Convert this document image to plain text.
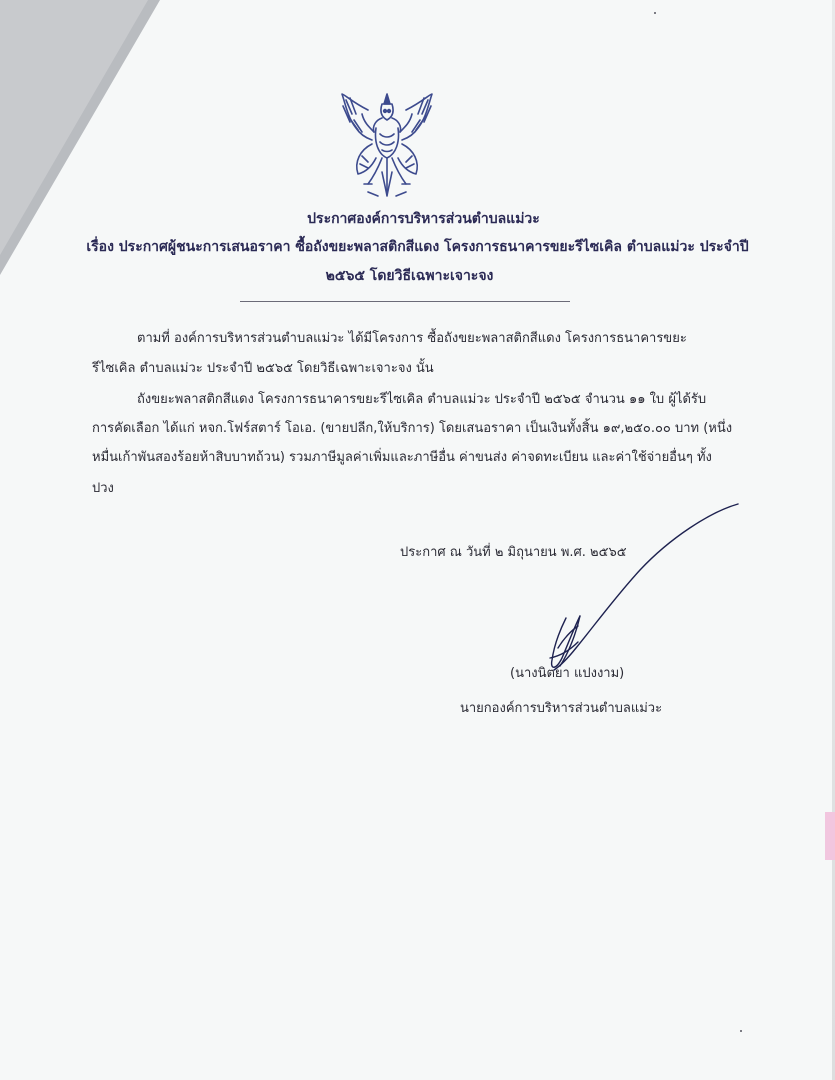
ประกาศองค์การบริหารส่วนตำบลแม่วะ
เรื่อง ประกาศผู้ชนะการเสนอราคา ซื้อถังขยะพลาสติกสีแดง โครงการธนาคารขยะรีไซเคิล ตำบลแม่วะ ประจำปี
๒๕๖๕ โดยวิธีเฉพาะเจาะจง
ตามที่ องค์การบริหารส่วนตำบลแม่วะ ได้มีโครงการ ซื้อถังขยะพลาสติกสีแดง โครงการธนาคารขยะ
รีไซเคิล ตำบลแม่วะ ประจำปี ๒๕๖๕ โดยวิธีเฉพาะเจาะจง นั้น
ถังขยะพลาสติกสีแดง โครงการธนาคารขยะรีไซเคิล ตำบลแม่วะ ประจำปี ๒๕๖๕ จำนวน ๑๑ ใบ ผู้ได้รับ
การคัดเลือก ได้แก่ หจก.โฟร์สตาร์ โอเอ. (ขายปลีก,ให้บริการ) โดยเสนอราคา เป็นเงินทั้งสิ้น ๑๙,๒๕๐.๐๐ บาท (หนึ่ง
หมื่นเก้าพันสองร้อยห้าสิบบาทถ้วน) รวมภาษีมูลค่าเพิ่มและภาษีอื่น ค่าขนส่ง ค่าจดทะเบียน และค่าใช้จ่ายอื่นๆ ทั้ง
ปวง
ประกาศ ณ วันที่ ๒ มิถุนายน พ.ศ. ๒๕๖๕
(นางนิตยา แปงงาม)
นายกองค์การบริหารส่วนตำบลแม่วะ
